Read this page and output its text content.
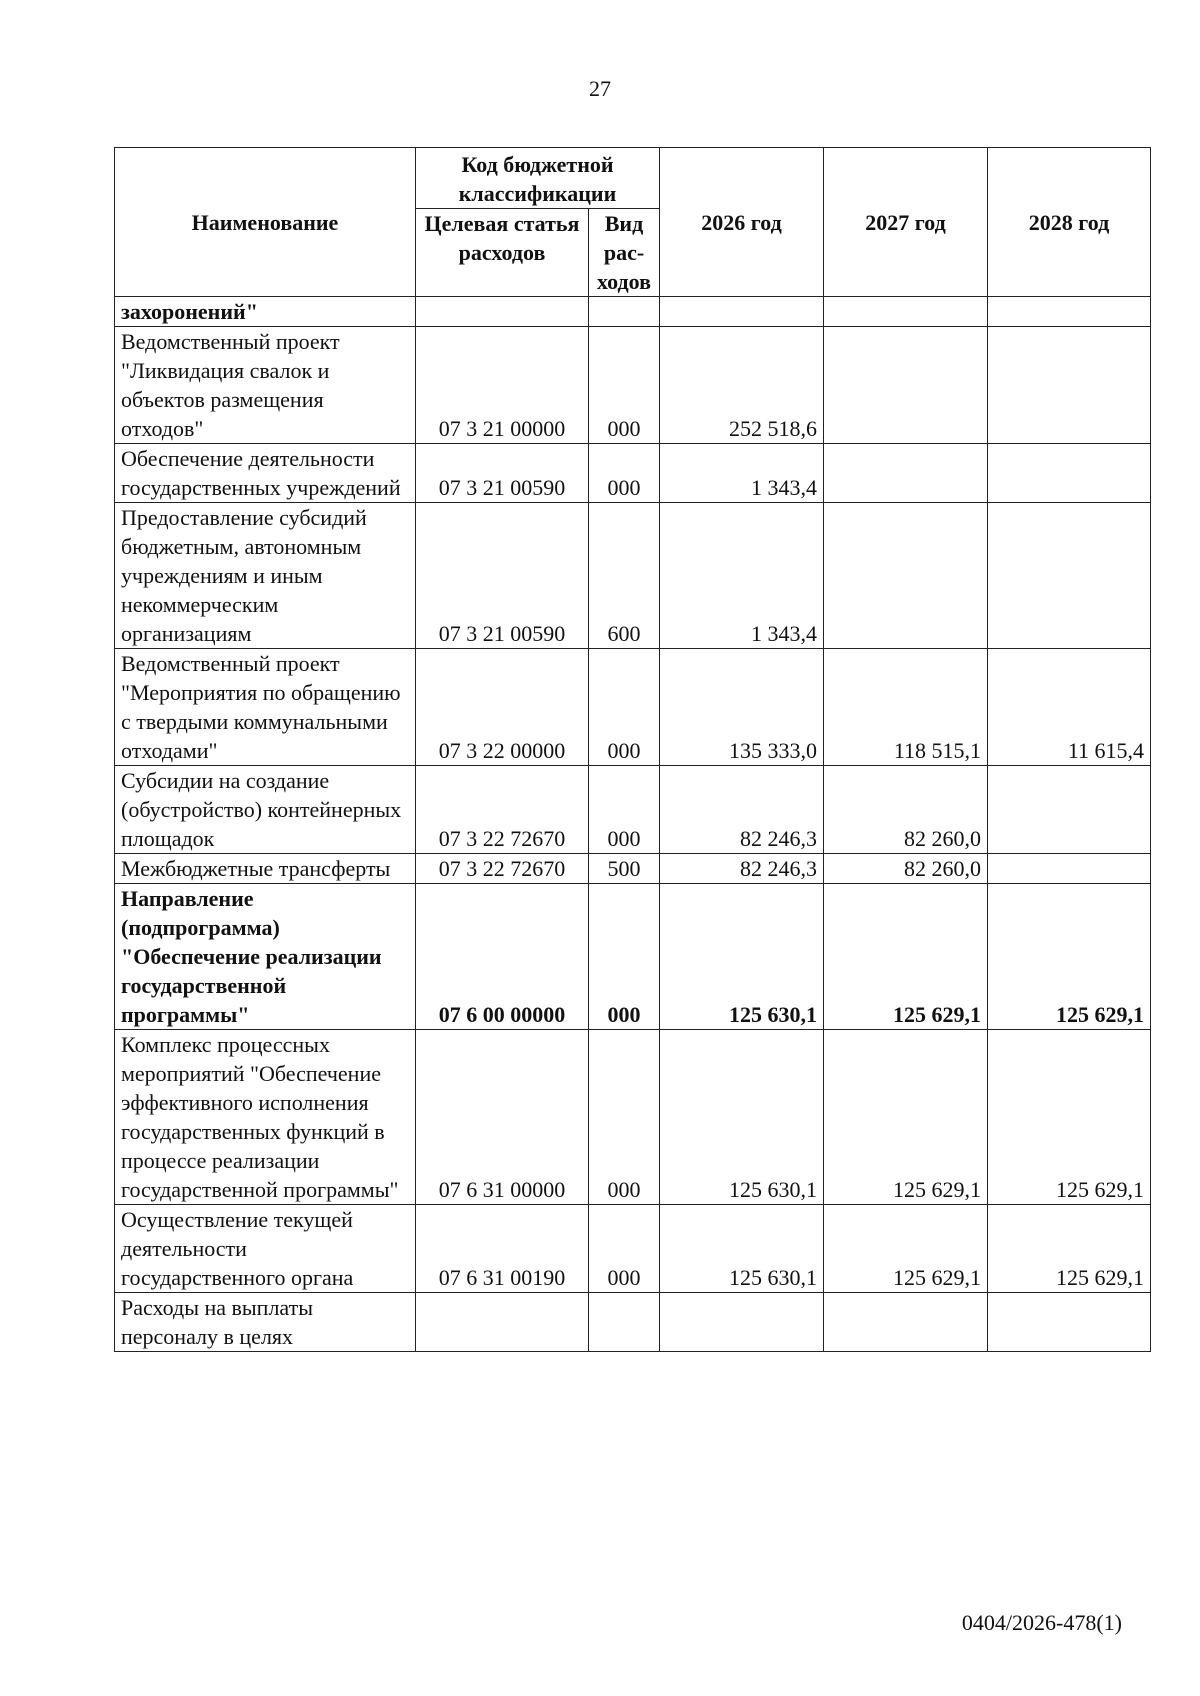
27
Наименование	Код бюджетной классификации		2026 год	2027 год	2028 год
	Целевая статья расходов	Вид рас-ходов			
захоронений"					
Ведомственный проект "Ликвидация свалок и объектов размещения отходов"	07 3 21 00000	000	252 518,6		
Обеспечение деятельности государственных учреждений	07 3 21 00590	000	1 343,4		
Предоставление субсидий бюджетным, автономным учреждениям и иным некоммерческим организациям	07 3 21 00590	600	1 343,4		
Ведомственный проект "Мероприятия по обращению с твердыми коммунальными отходами"	07 3 22 00000	000	135 333,0	118 515,1	11 615,4
Субсидии на создание (обустройство) контейнерных площадок	07 3 22 72670	000	82 246,3	82 260,0	
Межбюджетные трансферты	07 3 22 72670	500	82 246,3	82 260,0	
Направление (подпрограмма) "Обеспечение реализации государственной программы"	07 6 00 00000	000	125 630,1	125 629,1	125 629,1
Комплекс процессных мероприятий "Обеспечение эффективного исполнения государственных функций в процессе реализации государственной программы"	07 6 31 00000	000	125 630,1	125 629,1	125 629,1
Осуществление текущей деятельности государственного органа	07 6 31 00190	000	125 630,1	125 629,1	125 629,1
Расходы на выплаты персоналу в целях					
0404/2026-478(1)
